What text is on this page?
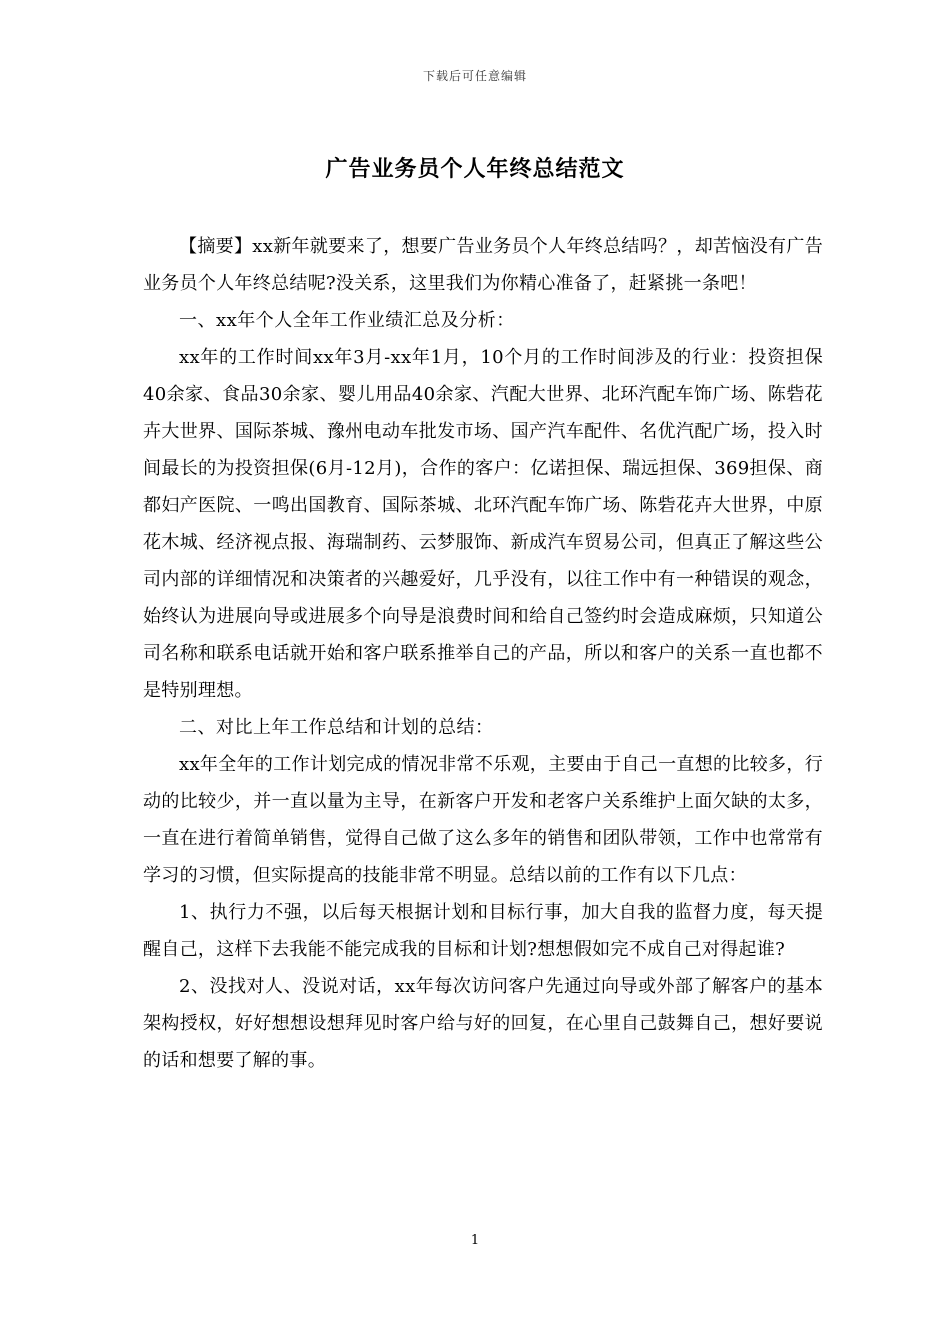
下载后可任意编辑
广告业务员个人年终总结范文

【摘要】xx新年就要来了，想要广告业务员个人年终总结吗？，却苦恼没有广告业务员个人年终总结呢?没关系，这里我们为你精心准备了，赶紧挑一条吧！

一、xx年个人全年工作业绩汇总及分析：

xx年的工作时间xx年3月-xx年1月，10个月的工作时间涉及的行业：投资担保40余家、食品30余家、婴儿用品40余家、汽配大世界、北环汽配车饰广场、陈砦花卉大世界、国际茶城、豫州电动车批发市场、国产汽车配件、名优汽配广场，投入时间最长的为投资担保(6月-12月)，合作的客户：亿诺担保、瑞远担保、369担保、商都妇产医院、一鸣出国教育、国际茶城、北环汽配车饰广场、陈砦花卉大世界，中原花木城、经济视点报、海瑞制药、云梦服饰、新成汽车贸易公司，但真正了解这些公司内部的详细情况和决策者的兴趣爱好，几乎没有，以往工作中有一种错误的观念，始终认为进展向导或进展多个向导是浪费时间和给自己签约时会造成麻烦，只知道公司名称和联系电话就开始和客户联系推举自己的产品，所以和客户的关系一直也都不是特别理想。

二、对比上年工作总结和计划的总结：

xx年全年的工作计划完成的情况非常不乐观，主要由于自己一直想的比较多，行动的比较少，并一直以量为主导，在新客户开发和老客户关系维护上面欠缺的太多，一直在进行着简单销售，觉得自己做了这么多年的销售和团队带领，工作中也常常有学习的习惯，但实际提高的技能非常不明显。总结以前的工作有以下几点：

1、执行力不强，以后每天根据计划和目标行事，加大自我的监督力度，每天提醒自己，这样下去我能不能完成我的目标和计划?想想假如完不成自己对得起谁?

2、没找对人、没说对话，xx年每次访问客户先通过向导或外部了解客户的基本架构授权，好好想想设想拜见时客户给与好的回复，在心里自己鼓舞自己，想好要说的话和想要了解的事。

1
